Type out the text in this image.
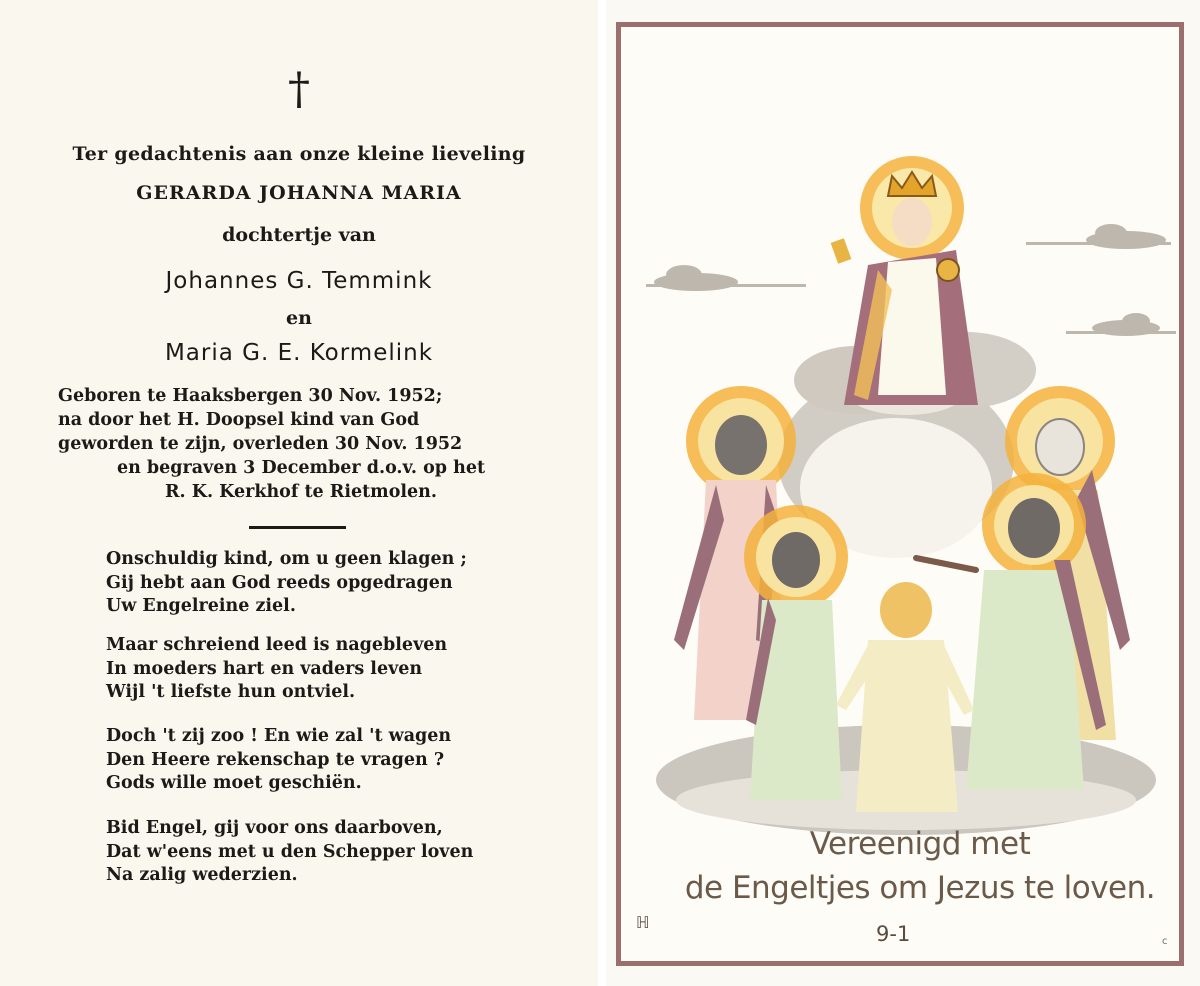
†
Ter gedachtenis aan onze kleine lieveling
GERARDA JOHANNA MARIA
dochtertje van
Johannes G. Temmink
en
Maria G. E. Kormelink
Geboren te Haaksbergen 30 Nov. 1952;
na door het H. Doopsel kind van God
geworden te zijn, overleden 30 Nov. 1952
en begraven 3 December d.o.v. op het
R. K. Kerkhof te Rietmolen.
Onschuldig kind, om u geen klagen ;
Gij hebt aan God reeds opgedragen
Uw Engelreine ziel.
Maar schreiend leed is nagebleven
In moeders hart en vaders leven
Wijl 't liefste hun ontviel.
Doch 't zij zoo ! En wie zal 't wagen
Den Heere rekenschap te vragen ?
Gods wille moet geschiën.
Bid Engel, gij voor ons daarboven,
Dat w'eens met u den Schepper loven
Na zalig wederzien.
Vereenigd met
de Engeltjes om Jezus te loven.
9-1
ℍ
c
